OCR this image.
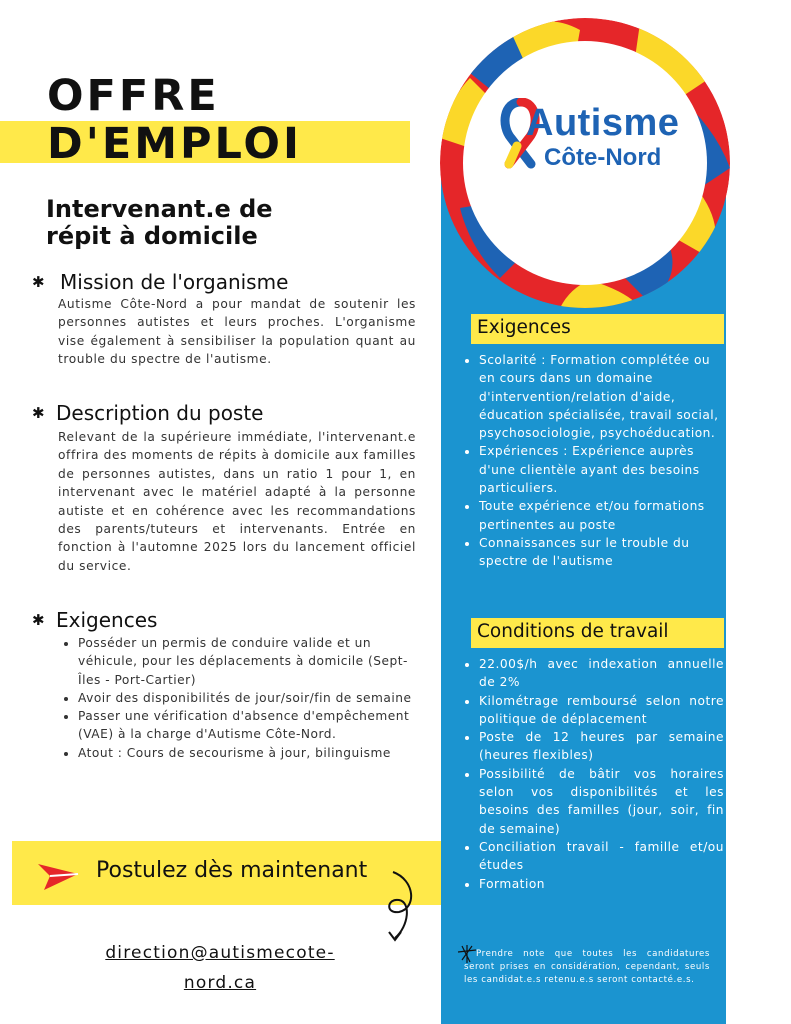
Autisme
Côte-Nord
OFFRE
D'EMPLOI
Intervenant.e de
répit à domicile
✱ Mission de l'organisme

Autisme Côte-Nord a pour mandat de soutenir les personnes autistes et leurs proches. L'organisme vise également à sensibiliser la population quant au trouble du spectre de l'autisme.

✱ Description du poste

Relevant de la supérieure immédiate, l'intervenant.e offrira des moments de répits à domicile aux familles de personnes autistes, dans un ratio 1 pour 1, en intervenant avec le matériel adapté à la personne autiste et en cohérence avec les recommandations des parents/tuteurs et intervenants. Entrée en fonction à l'automne 2025 lors du lancement officiel du service.

✱ Exigences
• Posséder un permis de conduire valide et un véhicule, pour les déplacements à domicile (Sept-Îles - Port-Cartier)
• Avoir des disponibilités de jour/soir/fin de semaine
• Passer une vérification d'absence d'empêchement (VAE) à la charge d'Autisme Côte-Nord.
• Atout : Cours de secourisme à jour, bilinguisme
Postulez dès maintenant
direction@autismecote-
nord.ca
Exigences
• Scolarité : Formation complétée ou en cours dans un domaine d'intervention/relation d'aide, éducation spécialisée, travail social, psychosociologie, psychoéducation.
• Expériences : Expérience auprès d'une clientèle ayant des besoins particuliers.
• Toute expérience et/ou formations pertinentes au poste
• Connaissances sur le trouble du spectre de l'autisme
Conditions de travail
• 22.00$/h avec indexation annuelle de 2%
• Kilométrage remboursé selon notre politique de déplacement
• Poste de 12 heures par semaine (heures flexibles)
• Possibilité de bâtir vos horaires selon vos disponibilités et les besoins des familles (jour, soir, fin de semaine)
• Conciliation travail - famille et/ou études
• Formation
Prendre note que toutes les candidatures seront prises en considération, cependant, seuls les candidat.e.s retenu.e.s seront contacté.e.s.
